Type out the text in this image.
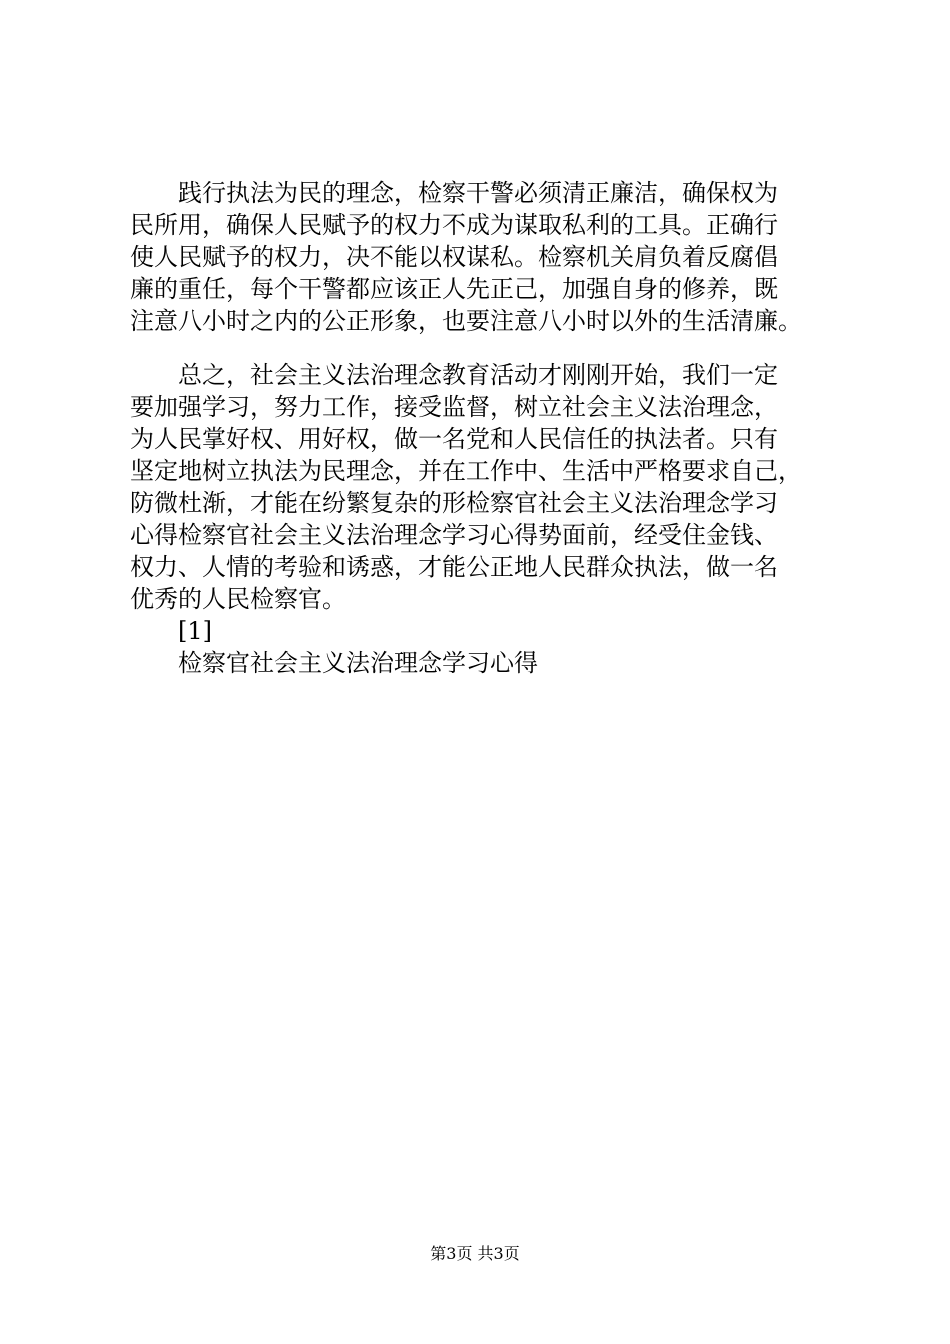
践行执法为民的理念，检察干警必须清正廉洁，确保权为
民所用，确保人民赋予的权力不成为谋取私利的工具。正确行
使人民赋予的权力，决不能以权谋私。检察机关肩负着反腐倡
廉的重任，每个干警都应该正人先正己，加强自身的修养，既
注意八小时之内的公正形象，也要注意八小时以外的生活清廉。
总之，社会主义法治理念教育活动才刚刚开始，我们一定
要加强学习，努力工作，接受监督，树立社会主义法治理念，
为人民掌好权、用好权，做一名党和人民信任的执法者。只有
坚定地树立执法为民理念，并在工作中、生活中严格要求自己，
防微杜渐，才能在纷繁复杂的形检察官社会主义法治理念学习
心得检察官社会主义法治理念学习心得势面前，经受住金钱、
权力、人情的考验和诱惑，才能公正地人民群众执法，做一名
优秀的人民检察官。
[1]
检察官社会主义法治理念学习心得
第3页 共3页
